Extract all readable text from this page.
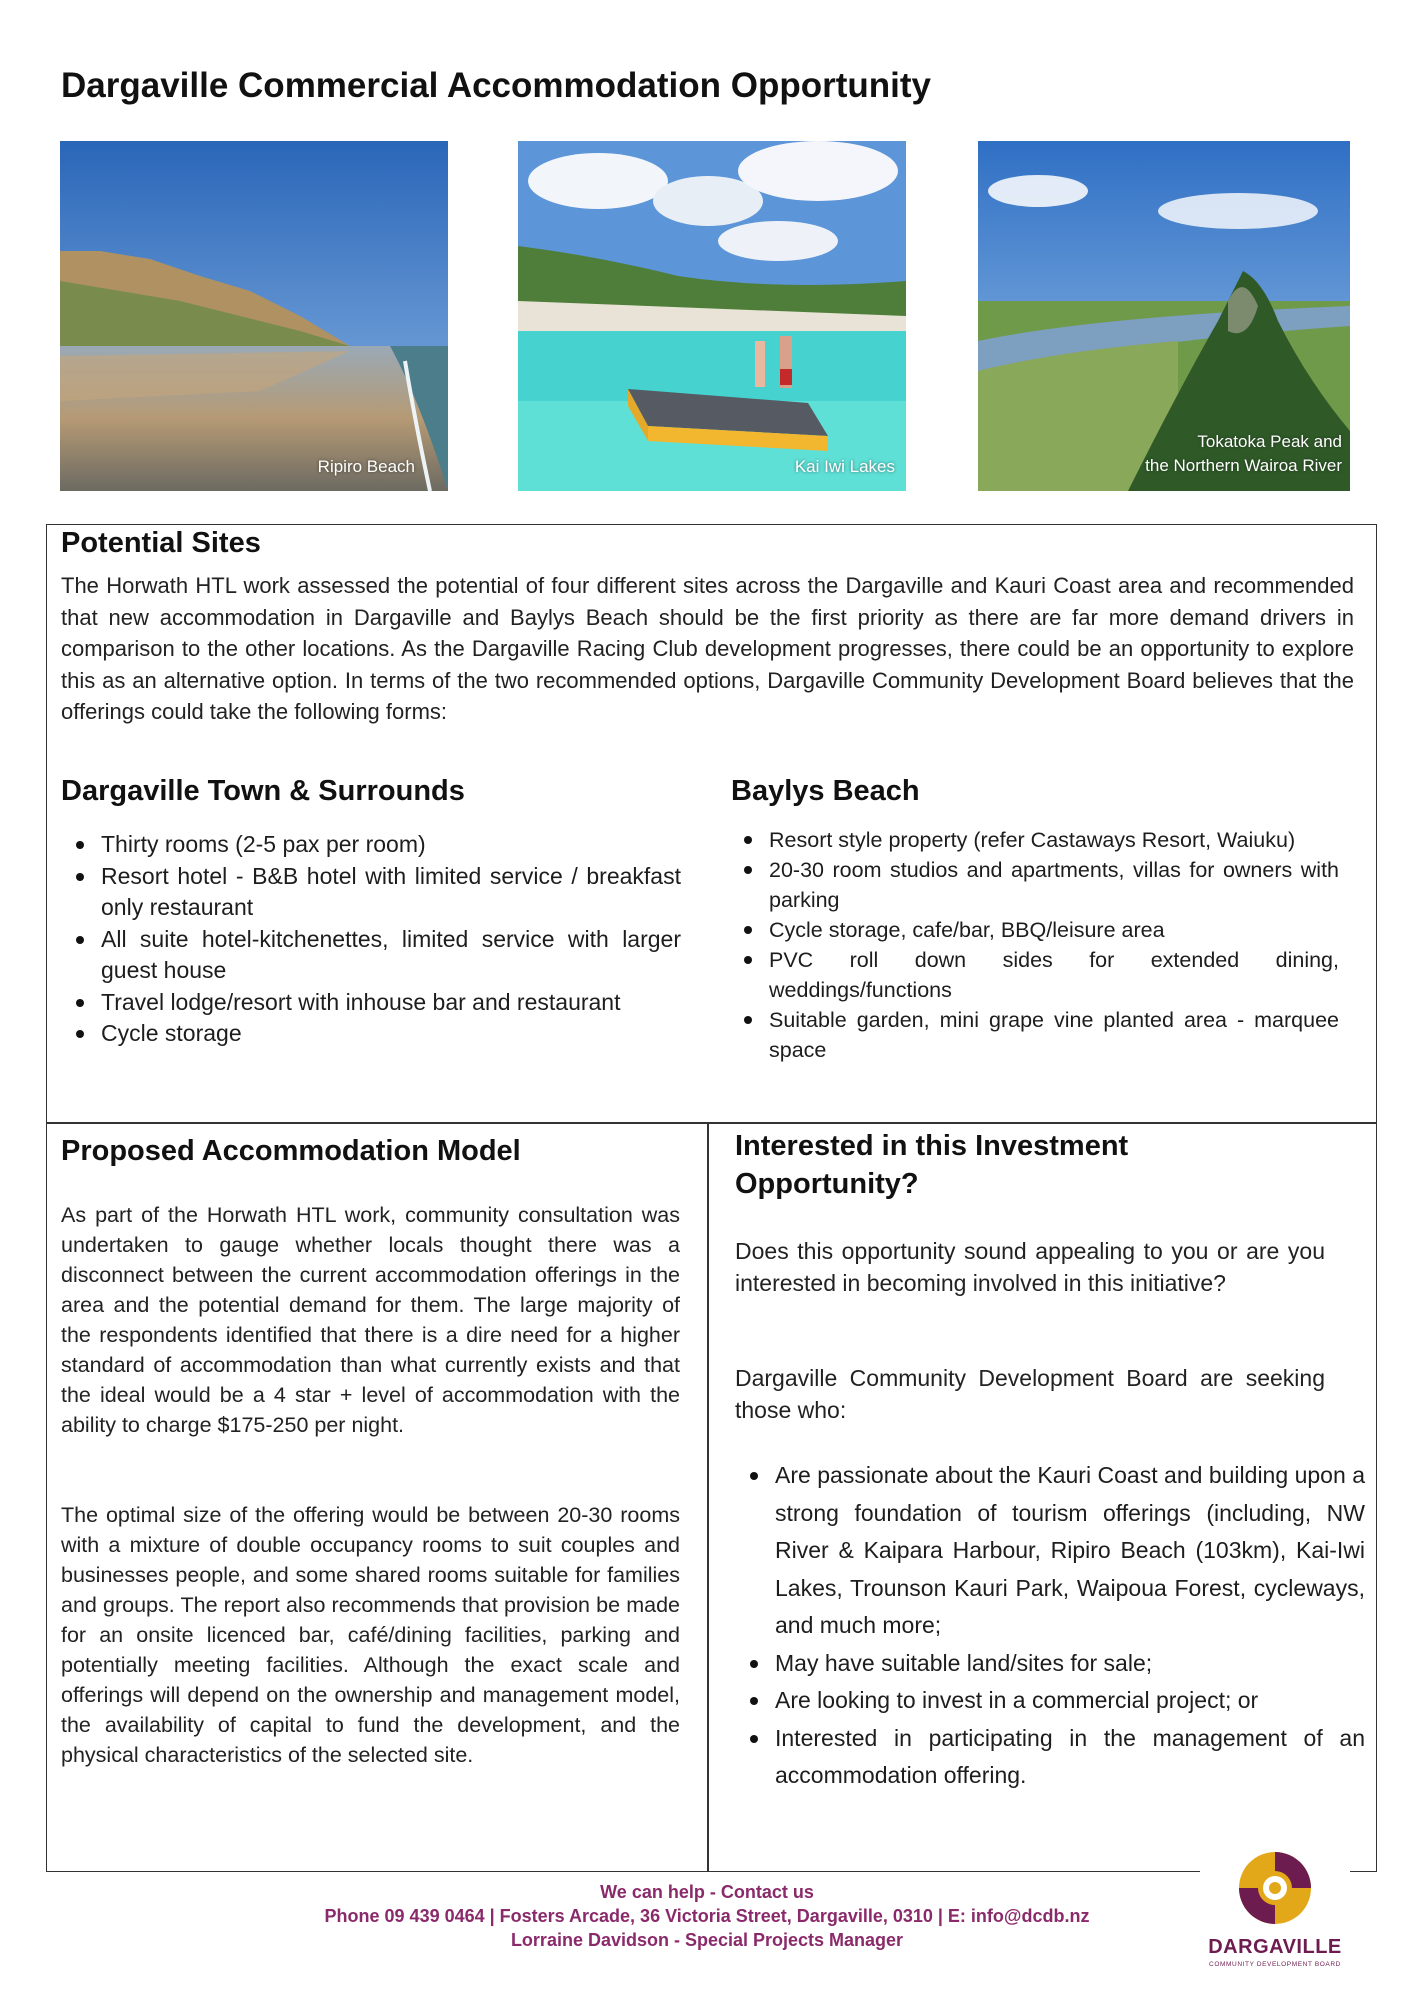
Dargaville Commercial Accommodation Opportunity
Ripiro Beach	Kai Iwi Lakes
Tokatoka Peak and
the Northern Wairoa River
Potential Sites

The Horwath HTL work assessed the potential of four different sites across the Dargaville and Kauri Coast area and recommended that new accommodation in Dargaville and Baylys Beach should be the first priority as there are far more demand drivers in comparison to the other locations. As the Dargaville Racing Club development progresses, there could be an opportunity to explore this as an alternative option. In terms of the two recommended options, Dargaville Community Development Board believes that the offerings could take the following forms:

Dargaville Town & Surrounds
Thirty rooms (2-5 pax per room)
Resort hotel - B&B hotel with limited service / breakfast only restaurant
All suite hotel-kitchenettes, limited service with larger guest house
Travel lodge/resort with inhouse bar and restaurant
Cycle storage
Baylys Beach
Resort style property (refer Castaways Resort, Waiuku)
20-30 room studios and apartments, villas for owners with parking
Cycle storage, cafe/bar, BBQ/leisure area
PVC roll down sides for extended dining, weddings/functions
Suitable garden, mini grape vine planted area - marquee space
Proposed Accommodation Model

As part of the Horwath HTL work, community consultation was undertaken to gauge whether locals thought there was a disconnect between the current accommodation offerings in the area and the potential demand for them. The large majority of the respondents identified that there is a dire need for a higher standard of accommodation than what currently exists and that the ideal would be a 4 star + level of accommodation with the ability to charge $175-250 per night.

The optimal size of the offering would be between 20-30 rooms with a mixture of double occupancy rooms to suit couples and businesses people, and some shared rooms suitable for families and groups. The report also recommends that provision be made for an onsite licenced bar, café/dining facilities, parking and potentially meeting facilities. Although the exact scale and offerings will depend on the ownership and management model, the availability of capital to fund the development, and the physical characteristics of the selected site.

Interested in this Investment
Opportunity?

Does this opportunity sound appealing to you or are you interested in becoming involved in this initiative?

Dargaville Community Development Board are seeking those who:

Are passionate about the Kauri Coast and building upon a strong foundation of tourism offerings (including, NW River & Kaipara Harbour, Ripiro Beach (103km), Kai-Iwi Lakes, Trounson Kauri Park, Waipoua Forest, cycleways, and much more;
May have suitable land/sites for sale;
Are looking to invest in a commercial project; or
Interested in participating in the management of an accommodation offering.
We can help - Contact us
Phone 09 439 0464 | Fosters Arcade, 36 Victoria Street, Dargaville, 0310 | E: info@dcdb.nz
Lorraine Davidson - Special Projects Manager	DARGAVILLE
COMMUNITY DEVELOPMENT BOARD
